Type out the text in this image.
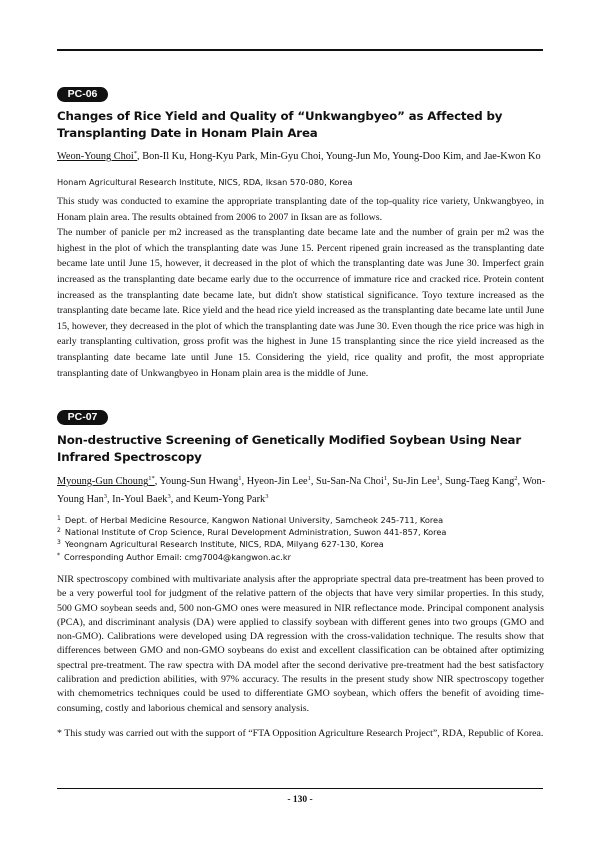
PC-06
Changes of Rice Yield and Quality of “Unkwangbyeo” as Affected by Transplanting Date in Honam Plain Area
Weon-Young Choi*, Bon-Il Ku, Hong-Kyu Park, Min-Gyu Choi, Young-Jun Mo, Young-Doo Kim, and Jae-Kwon Ko
Honam Agricultural Research Institute, NICS, RDA, Iksan 570-080, Korea

This study was conducted to examine the appropriate transplanting date of the top-quality rice variety, Unkwangbyeo, in Honam plain area. The results obtained from 2006 to 2007 in Iksan are as follows.

The number of panicle per m2 increased as the transplanting date became late and the number of grain per m2 was the highest in the plot of which the transplanting date was June 15. Percent ripened grain increased as the transplanting date became late until June 15, however, it decreased in the plot of which the transplanting date was June 30. Imperfect grain increased as the transplanting date became early due to the occurrence of immature rice and cracked rice. Protein content increased as the transplanting date became late, but didn't show statistical significance. Toyo texture increased as the transplanting date became late. Rice yield and the head rice yield increased as the transplanting date became late until June 15, however, they decreased in the plot of which the transplanting date was June 30. Even though the rice price was high in early transplanting cultivation, gross profit was the highest in June 15 transplanting since the rice yield increased as the transplanting date became late until June 15. Considering the yield, rice quality and profit, the most appropriate transplanting date of Unkwangbyeo in Honam plain area is the middle of June.

PC-07
Non-destructive Screening of Genetically Modified Soybean Using Near Infrared Spectroscopy
Myoung-Gun Choung$^{1*}$, Young-Sun Hwang$^1$, Hyeon-Jin Lee$^1$, Su-San-Na Choi$^1$, Su-Jin Lee$^1$, Sung-Taeg Kang$^2$, Won-Young Han$^3$, In-Youl Baek$^3$, and Keum-Yong Park$^3$
$^1$ Dept. of Herbal Medicine Resource, Kangwon National University, Samcheok 245-711, Korea
$^2$ National Institute of Crop Science, Rural Development Administration, Suwon 441-857, Korea
$^3$ Yeongnam Agricultural Research Institute, NICS, RDA, Milyang 627-130, Korea
* Corresponding Author Email: cmg7004@kangwon.ac.kr
NIR spectroscopy combined with multivariate analysis after the appropriate spectral data pre-treatment has been proved to be a very powerful tool for judgment of the relative pattern of the objects that have very similar properties. In this study, 500 GMO soybean seeds and, 500 non-GMO ones were measured in NIR reflectance mode. Principal component analysis (PCA), and discriminant analysis (DA) were applied to classify soybean with different genes into two groups (GMO and non-GMO). Calibrations were developed using DA regression with the cross-validation technique. The results show that differences between GMO and non-GMO soybeans do exist and excellent classification can be obtained after optimizing spectral pre-treatment. The raw spectra with DA model after the second derivative pre-treatment had the best satisfactory calibration and prediction abilities, with 97% accuracy. The results in the present study show NIR spectroscopy together with chemometrics techniques could be used to differentiate GMO soybean, which offers the benefit of avoiding time-consuming, costly and laborious chemical and sensory analysis.
* This study was carried out with the support of “FTA Opposition Agriculture Research Project”, RDA, Republic of Korea.
- 130 -
